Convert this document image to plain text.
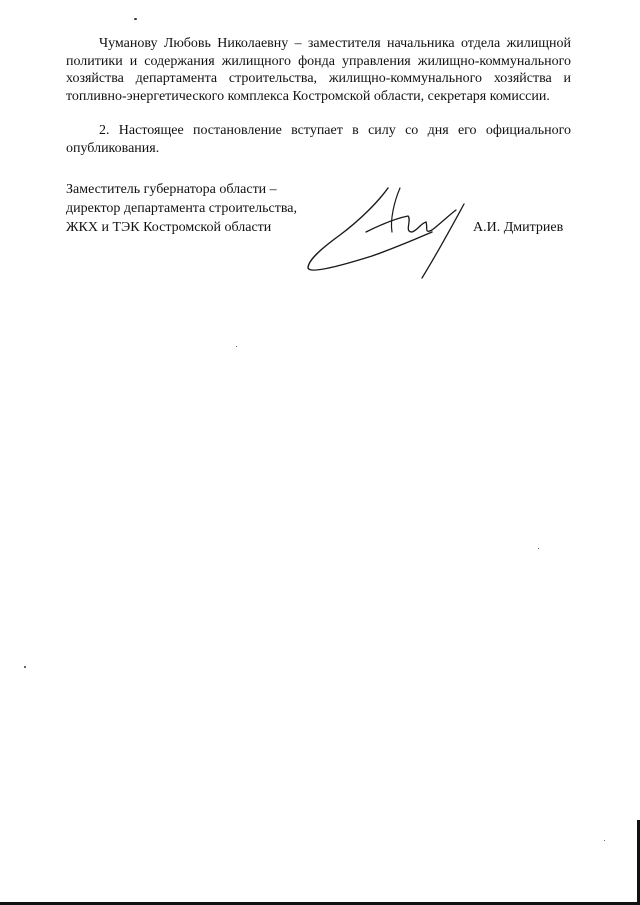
Чуманову Любовь Николаевну – заместителя начальника отдела жилищной политики и содержания жилищного фонда управления жилищно-коммунального хозяйства департамента строительства, жилищно-коммунального хозяйства и топливно-энергетического комплекса Костромской области, секретаря комиссии.

2. Настоящее постановление вступает в силу со дня его официального опубликования.

Заместитель губернатора области –
директор департамента строительства,
ЖКХ и ТЭК Костромской области	А.И. Дмитриев
